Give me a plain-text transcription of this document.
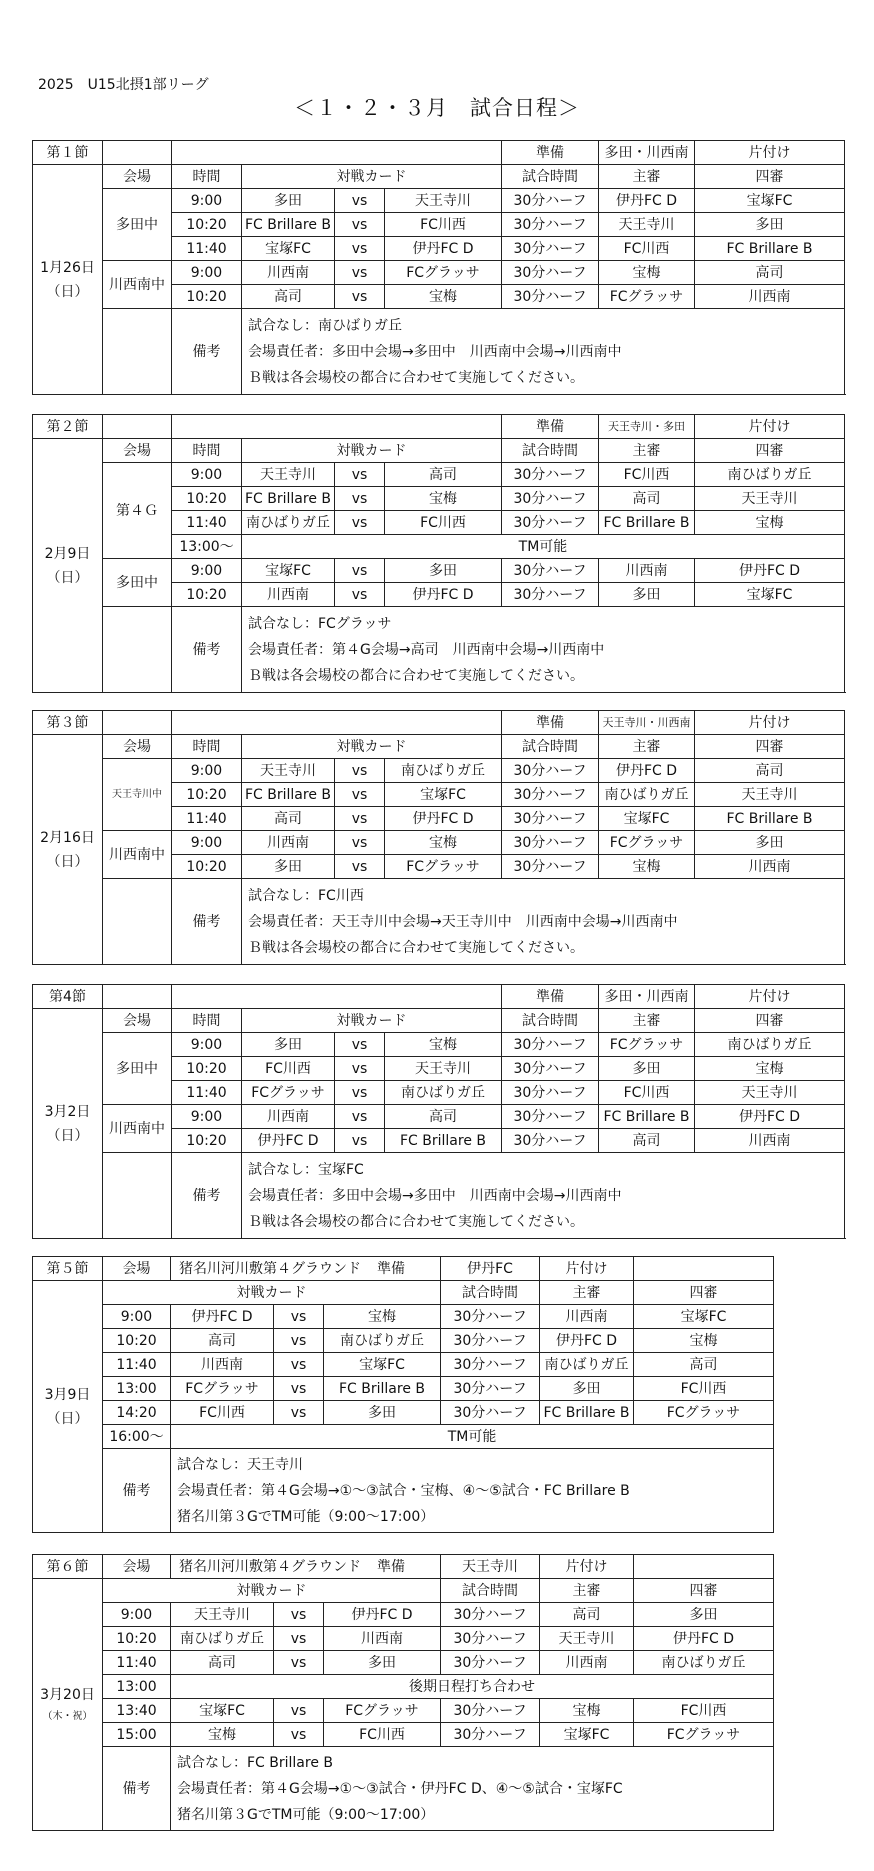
2025　U15北摂1部リーグ
＜１・２・３月　試合日程＞
第１節						準備	多田・川西南	片付け	

1月26日
（日）	会場	時間	対戦カード			試合時間	主審	四審	
	多田中	9:00	多田	vs	天王寺川	30分ハーフ	伊丹FC D	宝塚FC	
		10:20	FC Brillare B	vs	FC川西	30分ハーフ	天王寺川	多田	
		11:40	宝塚FC	vs	伊丹FC D	30分ハーフ	FC川西	FC Brillare B	
	川西南中	9:00	川西南	vs	FCグラッサ	30分ハーフ	宝梅	高司	
		10:20	高司	vs	宝梅	30分ハーフ	FCグラッサ	川西南	
		備考	試合なし：南ひばりガ丘
会場責任者：多田中会場→多田中　川西南中会場→川西南中
Ｂ戦は各会場校の都合に合わせて実施してください。						
第２節						準備	天王寺川・多田	片付け	

2月9日
（日）	会場	時間	対戦カード			試合時間	主審	四審	
	第４Ｇ	9:00	天王寺川	vs	高司	30分ハーフ	FC川西	南ひばりガ丘	
		10:20	FC Brillare B	vs	宝梅	30分ハーフ	高司	天王寺川	
		11:40	南ひばりガ丘	vs	FC川西	30分ハーフ	FC Brillare B	宝梅	
		13:00〜	TM可能						
	多田中	9:00	宝塚FC	vs	多田	30分ハーフ	川西南	伊丹FC D	
		10:20	川西南	vs	伊丹FC D	30分ハーフ	多田	宝塚FC	
		備考	試合なし：FCグラッサ
会場責任者：第４G会場→高司　川西南中会場→川西南中
Ｂ戦は各会場校の都合に合わせて実施してください。						
第３節						準備	天王寺川・川西南	片付け	

2月16日
（日）	会場	時間	対戦カード			試合時間	主審	四審	
	天王寺川中	9:00	天王寺川	vs	南ひばりガ丘	30分ハーフ	伊丹FC D	高司	
		10:20	FC Brillare B	vs	宝塚FC	30分ハーフ	南ひばりガ丘	天王寺川	
		11:40	高司	vs	伊丹FC D	30分ハーフ	宝塚FC	FC Brillare B	
	川西南中	9:00	川西南	vs	宝梅	30分ハーフ	FCグラッサ	多田	
		10:20	多田	vs	FCグラッサ	30分ハーフ	宝梅	川西南	
		備考	試合なし：FC川西
会場責任者：天王寺川中会場→天王寺川中　川西南中会場→川西南中
Ｂ戦は各会場校の都合に合わせて実施してください。						
第4節						準備	多田・川西南	片付け	

3月2日
（日）	会場	時間	対戦カード			試合時間	主審	四審	
	多田中	9:00	多田	vs	宝梅	30分ハーフ	FCグラッサ	南ひばりガ丘	
		10:20	FC川西	vs	天王寺川	30分ハーフ	多田	宝梅	
		11:40	FCグラッサ	vs	南ひばりガ丘	30分ハーフ	FC川西	天王寺川	
	川西南中	9:00	川西南	vs	高司	30分ハーフ	FC Brillare B	伊丹FC D	
		10:20	伊丹FC D	vs	FC Brillare B	30分ハーフ	高司	川西南	
		備考	試合なし：宝塚FC
会場責任者：多田中会場→多田中　川西南中会場→川西南中
Ｂ戦は各会場校の都合に合わせて実施してください。						
第５節	会場	猪名川河川敷第４グラウンド 準備			伊丹FC	片付け	

3月9日
（日）	対戦カード				試合時間	主審	四審
	9:00	伊丹FC D	vs	宝梅	30分ハーフ	川西南	宝塚FC
	10:20	高司	vs	南ひばりガ丘	30分ハーフ	伊丹FC D	宝梅
	11:40	川西南	vs	宝塚FC	30分ハーフ	南ひばりガ丘	高司
	13:00	FCグラッサ	vs	FC Brillare B	30分ハーフ	多田	FC川西
	14:20	FC川西	vs	多田	30分ハーフ	FC Brillare B	FCグラッサ
	16:00〜	TM可能					
	備考	試合なし：天王寺川
会場責任者：第４G会場→①〜③試合・宝梅、④〜⑤試合・FC Brillare B
猪名川第３GでTM可能（9:00〜17:00）					
第６節	会場	猪名川河川敷第４グラウンド 準備			天王寺川	片付け	

3月20日
（木・祝）	対戦カード				試合時間	主審	四審
	9:00	天王寺川	vs	伊丹FC D	30分ハーフ	高司	多田
	10:20	南ひばりガ丘	vs	川西南	30分ハーフ	天王寺川	伊丹FC D
	11:40	高司	vs	多田	30分ハーフ	川西南	南ひばりガ丘
	13:00	後期日程打ち合わせ					
	13:40	宝塚FC	vs	FCグラッサ	30分ハーフ	宝梅	FC川西
	15:00	宝梅	vs	FC川西	30分ハーフ	宝塚FC	FCグラッサ
	備考	試合なし：FC Brillare B
会場責任者：第４G会場→①〜③試合・伊丹FC D、④〜⑤試合・宝塚FC
猪名川第３GでTM可能（9:00〜17:00）					
